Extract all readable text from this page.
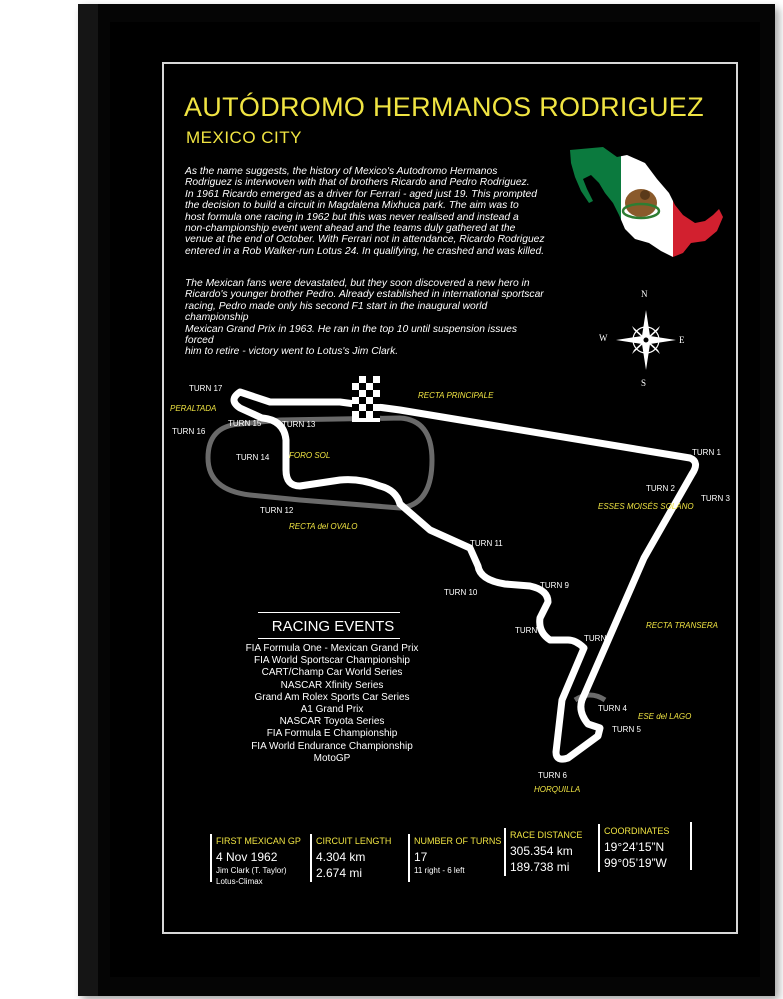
AUTÓDROMO HERMANOS RODRIGUEZ
MEXICO CITY

As the name suggests, the history of Mexico's Autodromo Hermanos
Rodriguez is interwoven with that of brothers Ricardo and Pedro Rodriguez.
In 1961 Ricardo emerged as a driver for Ferrari - aged just 19. This prompted
the decision to build a circuit in Magdalena Mixhuca park. The aim was to
host formula one racing in 1962 but this was never realised and instead a
non-championship event went ahead and the teams duly gathered at the
venue at the end of October. With Ferrari not in attendance, Ricardo Rodriguez
entered in a Rob Walker-run Lotus 24. In qualifying, he crashed and was killed.

The Mexican fans were devastated, but they soon discovered a new hero in
Ricardo's younger brother Pedro. Already established in international sportscar
racing, Pedro made only his second F1 start in the inaugural world championship
Mexican Grand Prix in 1963. He ran in the top 10 until suspension issues forced
him to retire - victory went to Lotus's Jim Clark.

N
S
E
W
TURN 17
TURN 16
TURN 15	TURN 13
TURN 14
TURN 12
TURN 11
TURN 10
TURN 9
TURN 8
TURN 7
TURN 6
TURN 5
TURN 4
TURN 3
TURN 2
TURN 1
PERALTADA
RECTA PRINCIPALE
FORO SOL
ESSES MOISÉS SOLANO
RECTA del OVALO
RECTA TRANSERA
ESE del LAGO
HORQUILLA
RACING EVENTS
FIA Formula One - Mexican Grand Prix
FIA World Sportscar Championship
CART/Champ Car World Series
NASCAR Xfinity Series
Grand Am Rolex Sports Car Series
A1 Grand Prix
NASCAR Toyota Series
FIA Formula E Championship
FIA World Endurance Championship
MotoGP
FIRST MEXICAN GP
4 Nov 1962
Jim Clark (T. Taylor)
Lotus-Climax
CIRCUIT LENGTH
4.304 km
2.674 mi
NUMBER OF TURNS
17
11 right - 6 left
RACE DISTANCE
305.354 km
189.738 mi
COORDINATES
19°24’15”N
99°05’19”W
